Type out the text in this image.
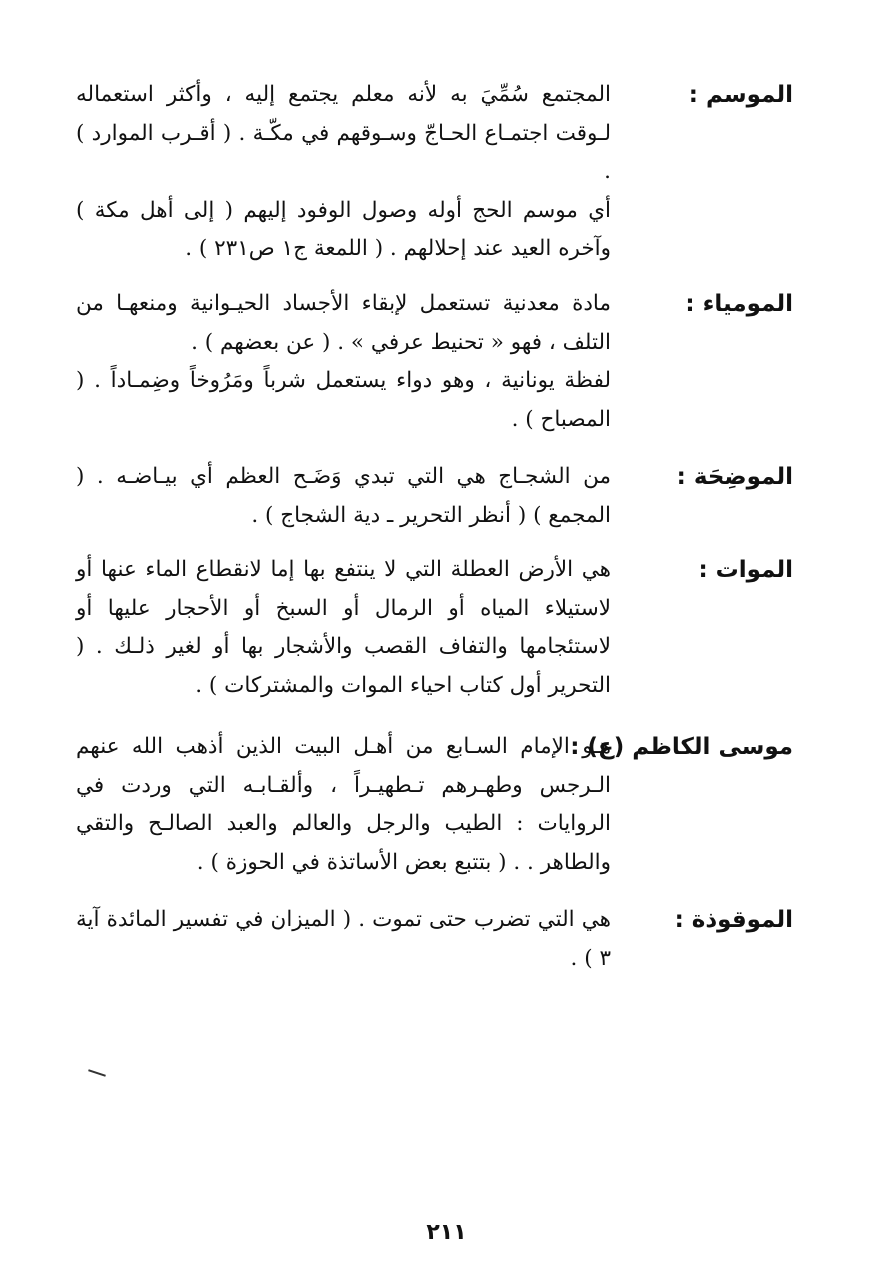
الموسم :

المجتمع سُمِّيَ به لأنه معلم يجتمع إليه ، وأكثر استعماله لـوقت اجتمـاع الحـاجّ وسـوقهم في مكّـة . ( أقـرب الموارد ) .

أي موسم الحج أوله وصول الوفود إليهم ( إلى أهل مكة ) وآخره العيد عند إحلالهم . ( اللمعة ج١ ص٢٣١ ) .

المومياء :

مادة معدنية تستعمل لإبقاء الأجساد الحيـوانية ومنعهـا من التلف ، فهو « تحنيط عرفي » . ( عن بعضهم ) .

لفظة يونانية ، وهو دواء يستعمل شرباً ومَرُوخاً وضِمـاداً . ( المصباح ) .

الموضِحَة :

من الشجـاج هي التي تبدي وَضَـح العظم أي بيـاضـه . ( المجمع ) ( أنظر التحرير ـ دية الشجاج ) .

الموات :

هي الأرض العطلة التي لا ينتفع بها إما لانقطاع الماء عنها أو لاستيلاء المياه أو الرمال أو السبخ أو الأحجار عليها أو لاستئجامها والتفاف القصب والأشجار بها أو لغير ذلـك . ( التحرير أول كتاب احياء الموات والمشتركات ) .

موسى الكاظم (ع) :

هـو الإمام السـابع من أهـل البيت الذين أذهب الله عنهم الـرجس وطهـرهم تـطهيـراً ، وألقـابـه التي وردت في الروايات : الطيب والرجل والعالم والعبد الصالـح والتقي والطاهر . . ( بتتبع بعض الأساتذة في الحوزة ) .

الموقوذة :

هي التي تضرب حتى تموت . ( الميزان في تفسير المائدة آية ٣ ) .

٢١١
